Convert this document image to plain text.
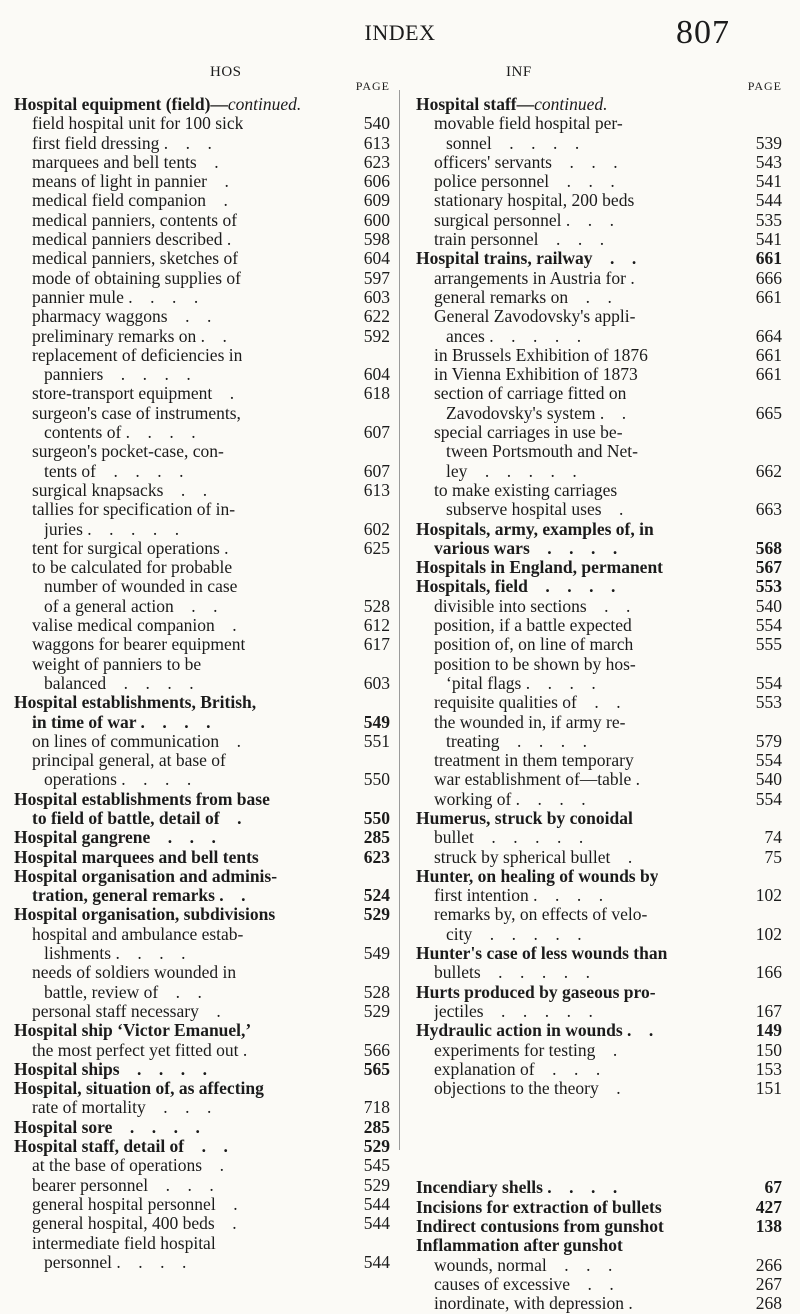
INDEX	807
HOS	INF
PAGE
Hospital equipment (field)—continued.
field hospital unit for 100 sick	540
first field dressing . . .	613
marquees and bell tents .	623
means of light in pannier .	606
medical field companion .	609
medical panniers, contents of	600
medical panniers described .	598
medical panniers, sketches of	604
mode of obtaining supplies of	597
pannier mule . . . .	603
pharmacy waggons . .	622
preliminary remarks on . .	592
replacement of deficiencies in
panniers . . . .	604
store-transport equipment .	618
surgeon's case of instruments,
contents of . . . .	607
surgeon's pocket-case, con-
tents of . . . .	607
surgical knapsacks . .	613
tallies for specification of in-
juries . . . . .	602
tent for surgical operations .	625
to be calculated for probable
number of wounded in case
of a general action . .	528
valise medical companion .	612
waggons for bearer equipment	617
weight of panniers to be
balanced . . . .	603
Hospital establishments, British,
in time of war . . . .	549
on lines of communication .	551
principal general, at base of
operations . . . .	550
Hospital establishments from base
to field of battle, detail of .	550
Hospital gangrene . . .	285
Hospital marquees and bell tents	623
Hospital organisation and adminis-
tration, general remarks . .	524
Hospital organisation, subdivisions	529
hospital and ambulance estab-
lishments . . . .	549
needs of soldiers wounded in
battle, review of . .	528
personal staff necessary .	529
Hospital ship ‘Victor Emanuel,’
the most perfect yet fitted out .	566
Hospital ships . . . .	565
Hospital, situation of, as affecting
rate of mortality . . .	718
Hospital sore . . . .	285
Hospital staff, detail of . .	529
at the base of operations .	545
bearer personnel . . .	529
general hospital personnel .	544
general hospital, 400 beds .	544
intermediate field hospital
personnel . . . .	544
PAGE
Hospital staff—continued.
movable field hospital per-
sonnel . . . .	539
officers' servants . . .	543
police personnel . . .	541
stationary hospital, 200 beds	544
surgical personnel . . .	535
train personnel . . .	541
Hospital trains, railway . .	661
arrangements in Austria for .	666
general remarks on . .	661
General Zavodovsky's appli-
ances . . . . .	664
in Brussels Exhibition of 1876	661
in Vienna Exhibition of 1873	661
section of carriage fitted on
Zavodovsky's system . .	665
special carriages in use be-
tween Portsmouth and Net-
ley . . . . .	662
to make existing carriages
subserve hospital uses .	663
Hospitals, army, examples of, in
various wars . . . .	568
Hospitals in England, permanent	567
Hospitals, field . . . .	553
divisible into sections . .	540
position, if a battle expected	554
position of, on line of march	555
position to be shown by hos-
‘pital flags . . . .	554
requisite qualities of . .	553
the wounded in, if army re-
treating . . . .	579
treatment in them temporary	554
war establishment of—table .	540
working of . . . .	554
Humerus, struck by conoidal
bullet . . . . .	74
struck by spherical bullet .	75
Hunter, on healing of wounds by
first intention . . . .	102
remarks by, on effects of velo-
city . . . . .	102
Hunter's case of less wounds than
bullets . . . . .	166
Hurts produced by gaseous pro-
jectiles . . . . .	167
Hydraulic action in wounds . .	149
experiments for testing .	150
explanation of . . .	153
objections to the theory .	151
Incendiary shells . . . .	67
Incisions for extraction of bullets	427
Indirect contusions from gunshot	138
Inflammation after gunshot
wounds, normal . . .	266
causes of excessive . .	267
inordinate, with depression .	268
